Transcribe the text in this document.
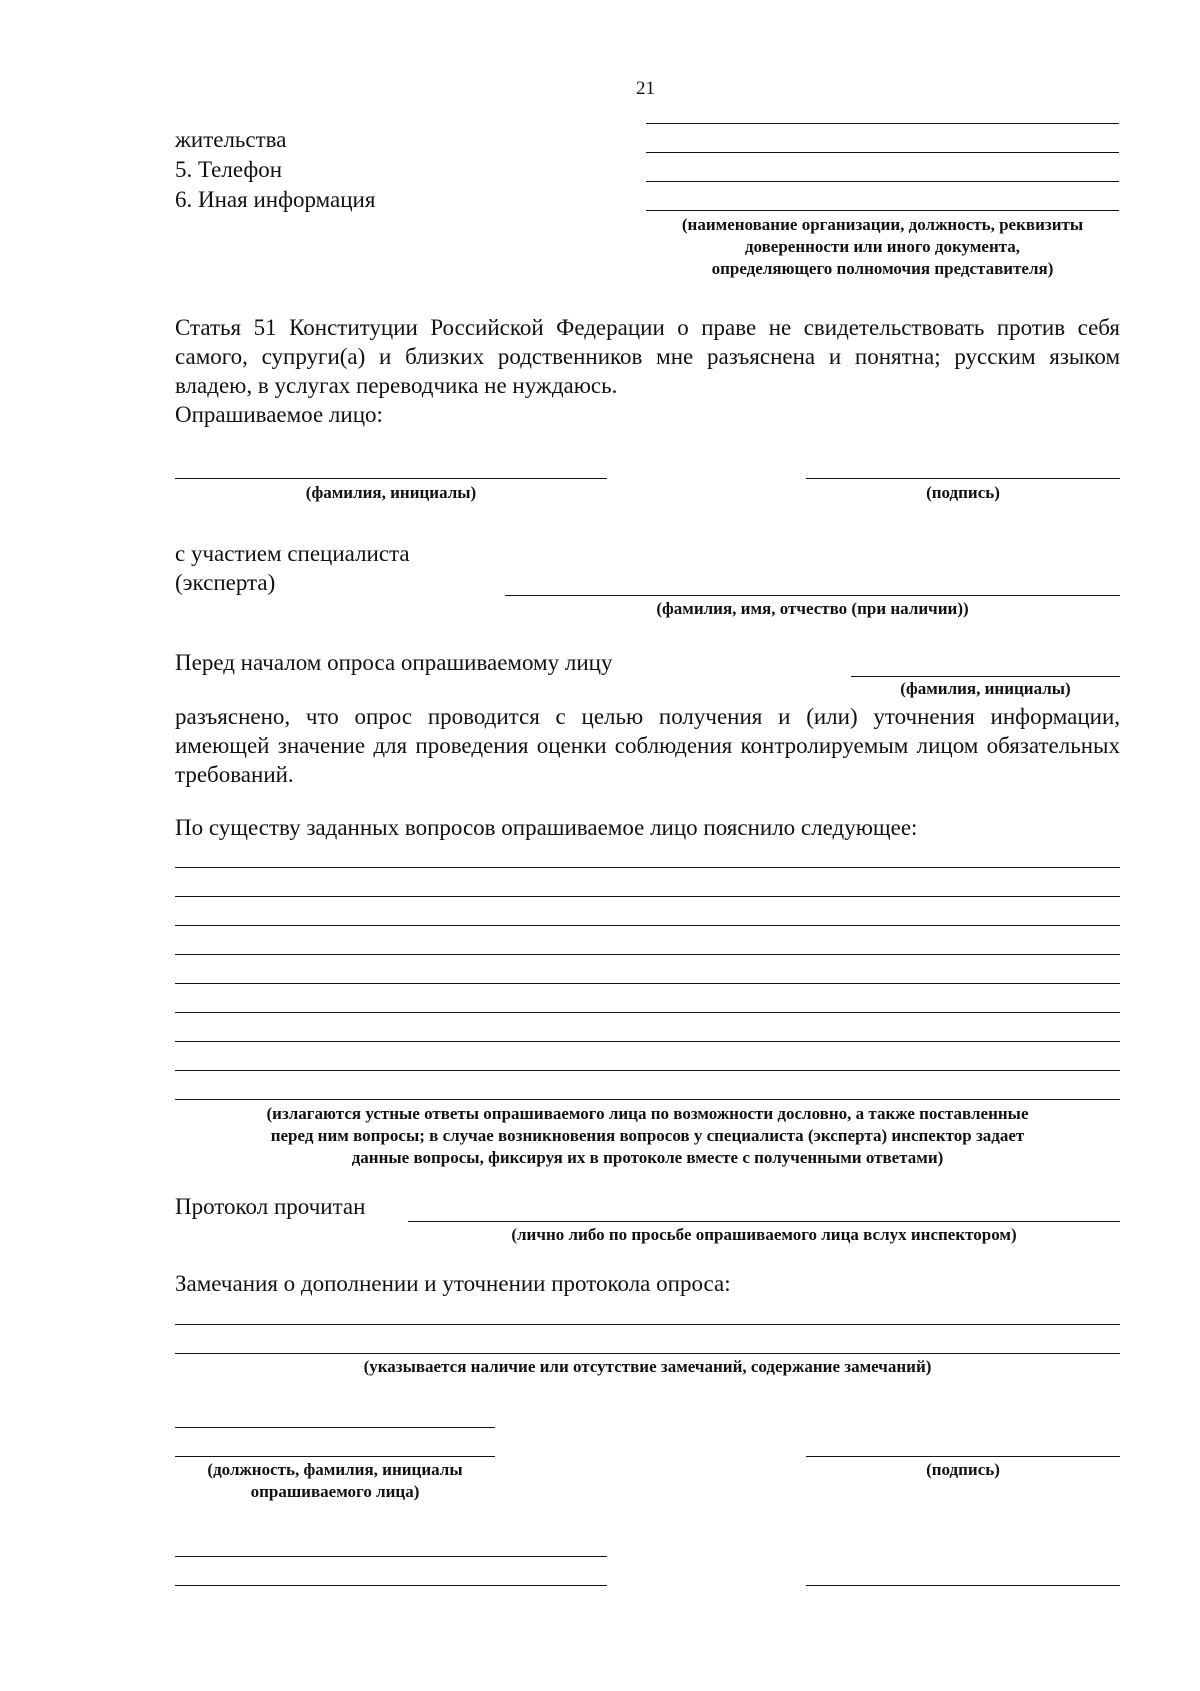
21
жительства
5. Телефон
6. Иная информация
(наименование организации, должность, реквизиты
доверенности или иного документа,
определяющего полномочия представителя)
Статья 51 Конституции Российской Федерации о праве не свидетельствовать против себя самого, супруги(а) и близких родственников мне разъяснена и понятна; русским языком владею, в услугах переводчика не нуждаюсь.
Опрашиваемое лицо:
(фамилия, инициалы)	(подпись)
с участием специалиста
(эксперта)
(фамилия, имя, отчество (при наличии))
Перед началом опроса опрашиваемому лицу
(фамилия, инициалы)
разъяснено, что опрос проводится с целью получения и (или) уточнения информации, имеющей значение для проведения оценки соблюдения контролируемым лицом обязательных требований.
По существу заданных вопросов опрашиваемое лицо пояснило следующее:
(излагаются устные ответы опрашиваемого лица по возможности дословно, а также поставленные
перед ним вопросы; в случае возникновения вопросов у специалиста (эксперта) инспектор задает
данные вопросы, фиксируя их в протоколе вместе с полученными ответами)
Протокол прочитан
(лично либо по просьбе опрашиваемого лица вслух инспектором)
Замечания о дополнении и уточнении протокола опроса:
(указывается наличие или отсутствие замечаний, содержание замечаний)
(должность, фамилия, инициалы
опрашиваемого лица)
(подпись)
